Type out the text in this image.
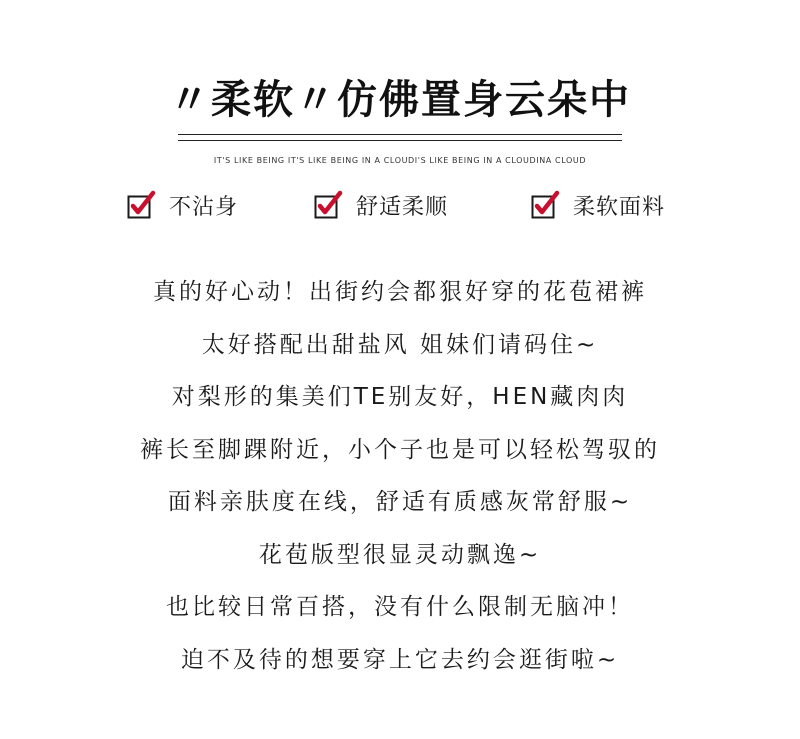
〃柔软〃仿佛置身云朵中
IT'S LIKE BEING IT'S LIKE BEING IN A CLOUDI'S LIKE BEING IN A CLOUDINA CLOUD
不沾身	舒适柔顺	柔软面料
真的好心动！出街约会都狠好穿的花苞裙裤
太好搭配出甜盐风 姐妹们请码住~
对梨形的集美们TE别友好，HEN藏肉肉
裤长至脚踝附近，小个子也是可以轻松驾驭的
面料亲肤度在线，舒适有质感灰常舒服~
花苞版型很显灵动飘逸~
也比较日常百搭，没有什么限制无脑冲！
迫不及待的想要穿上它去约会逛街啦~
